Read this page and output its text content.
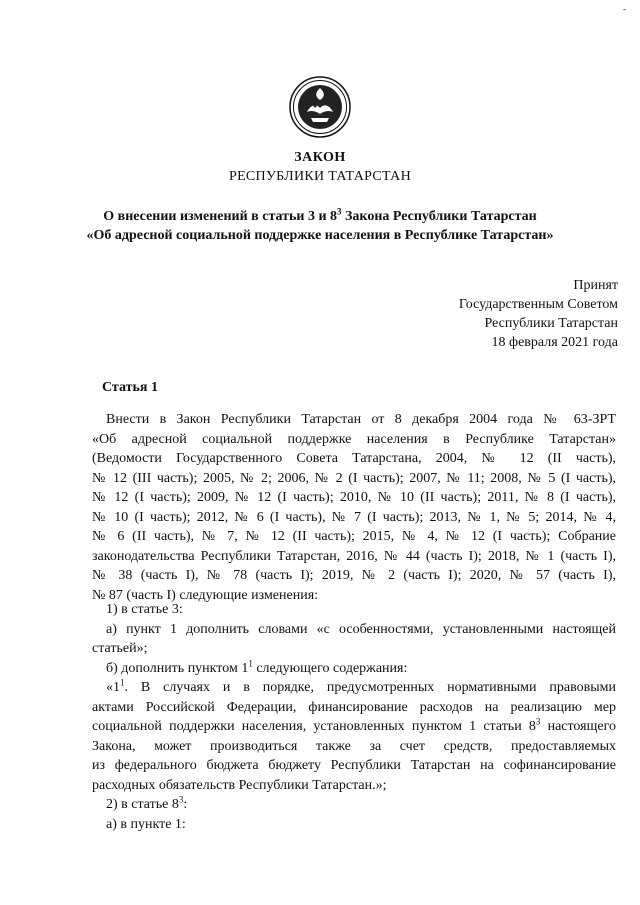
-
ЗАКОН
РЕСПУБЛИКИ ТАТАРСТАН
О внесении изменений в статьи 3 и $8^3$ Закона Республики Татарстан
«Об адресной социальной поддержке населения в Республике Татарстан»
Принят
Государственным Советом
Республики Татарстан
18 февраля 2021 года
Статья 1
Внести в Закон Республики Татарстан от 8 декабря 2004 года № 63-ЗРТ
«Об адресной социальной поддержке населения в Республике Татарстан»
(Ведомости Государственного Совета Татарстана, 2004, № 12 (II часть),
№ 12 (III часть); 2005, № 2; 2006, № 2 (I часть); 2007, № 11; 2008, № 5 (I часть),
№ 12 (I часть); 2009, № 12 (I часть); 2010, № 10 (II часть); 2011, № 8 (I часть),
№ 10 (I часть); 2012, № 6 (I часть), № 7 (I часть); 2013, № 1, № 5; 2014, № 4,
№ 6 (II часть), № 7, № 12 (II часть); 2015, № 4, № 12 (I часть); Собрание
законодательства Республики Татарстан, 2016, № 44 (часть I); 2018, № 1 (часть I),
№ 38 (часть I), № 78 (часть I); 2019, № 2 (часть I); 2020, № 57 (часть I),
№ 87 (часть I) следующие изменения:
1) в статье 3:
а) пункт 1 дополнить словами «с особенностями, установленными настоящей
статьей»;
б) дополнить пунктом $1^1$ следующего содержания:
«$1^1$. В случаях и в порядке, предусмотренных нормативными правовыми
актами Российской Федерации, финансирование расходов на реализацию мер
социальной поддержки населения, установленных пунктом 1 статьи $8^3$ настоящего
Закона, может производиться также за счет средств, предоставляемых
из федерального бюджета бюджету Республики Татарстан на софинансирование
расходных обязательств Республики Татарстан.»;
2) в статье $8^3$:
а) в пункте 1:
